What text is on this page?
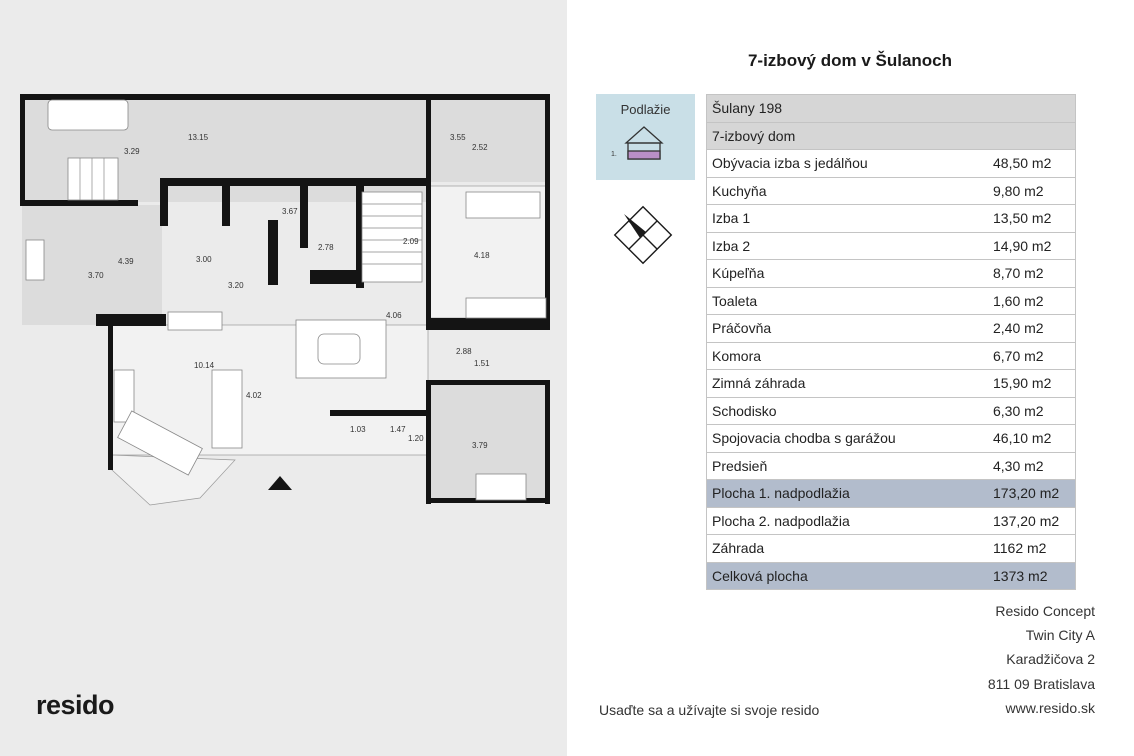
13.15
3.29
3.55
2.52
3.67
2.78
2.09
4.18
4.39
3.70
3.00
3.20
4.06
2.88
1.51
10.14
4.02
1.03	1.47
1.20
3.79
resido
7-izbový dom v Šulanoch
Podlažie
1.
Šulany 198	
7-izbový dom	
Obývacia izba s jedálňou	48,50 m2
Kuchyňa	9,80 m2
Izba 1	13,50 m2
Izba 2	14,90 m2
Kúpeľňa	8,70 m2
Toaleta	1,60 m2
Práčovňa	2,40 m2
Komora	6,70 m2
Zimná záhrada	15,90 m2
Schodisko	6,30 m2
Spojovacia chodba s garážou	46,10 m2
Predsieň	4,30 m2
Plocha 1. nadpodlažia	173,20 m2
Plocha 2. nadpodlažia	137,20 m2
Záhrada	1162 m2
Celková plocha	1373 m2
Resido Concept
Twin City A
Karadžičova 2
811 09 Bratislava
www.resido.sk
Usaďte sa a užívajte si svoje resido
